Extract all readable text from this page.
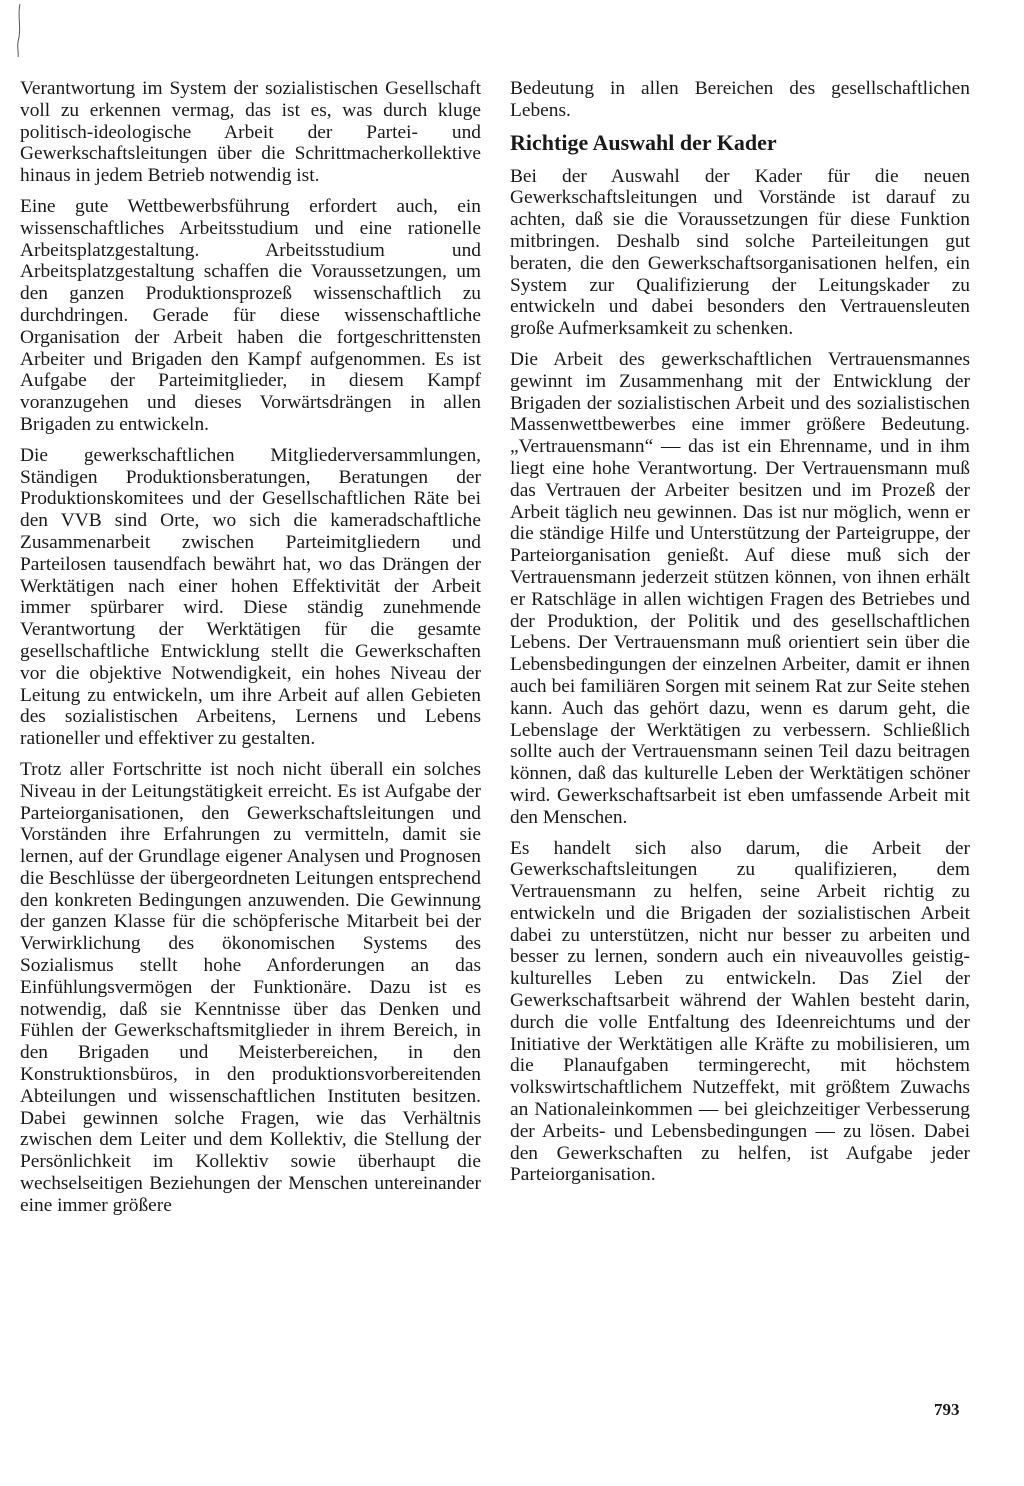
Verantwortung im System der sozialistischen Gesellschaft voll zu erkennen vermag, das ist es, was durch kluge politisch-ideologische Arbeit der Partei- und Gewerkschaftsleitungen über die Schrittmacherkollektive hinaus in jedem Betrieb notwendig ist.

Eine gute Wettbewerbsführung erfordert auch, ein wissenschaftliches Arbeitsstudium und eine rationelle Arbeitsplatzgestaltung. Arbeitsstudium und Arbeitsplatzgestaltung schaffen die Voraussetzungen, um den ganzen Produktionsprozeß wissenschaftlich zu durchdringen. Gerade für diese wissenschaftliche Organisation der Arbeit haben die fortgeschrittensten Arbeiter und Brigaden den Kampf aufgenommen. Es ist Aufgabe der Parteimitglieder, in diesem Kampf voranzugehen und dieses Vorwärtsdrängen in allen Brigaden zu entwickeln.

Die gewerkschaftlichen Mitgliederversammlungen, Ständigen Produktionsberatungen, Beratungen der Produktionskomitees und der Gesellschaftlichen Räte bei den VVB sind Orte, wo sich die kameradschaftliche Zusammenarbeit zwischen Parteimitgliedern und Parteilosen tausendfach bewährt hat, wo das Drängen der Werktätigen nach einer hohen Effektivität der Arbeit immer spürbarer wird. Diese ständig zunehmende Verantwortung der Werktätigen für die gesamte gesellschaftliche Entwicklung stellt die Gewerkschaften vor die objektive Notwendigkeit, ein hohes Niveau der Leitung zu entwickeln, um ihre Arbeit auf allen Gebieten des sozialistischen Arbeitens, Lernens und Lebens rationeller und effektiver zu gestalten.

Trotz aller Fortschritte ist noch nicht überall ein solches Niveau in der Leitungstätigkeit erreicht. Es ist Aufgabe der Parteiorganisationen, den Gewerkschaftsleitungen und Vorständen ihre Erfahrungen zu vermitteln, damit sie lernen, auf der Grundlage eigener Analysen und Prognosen die Beschlüsse der übergeordneten Leitungen entsprechend den konkreten Bedingungen anzuwenden. Die Gewinnung der ganzen Klasse für die schöpferische Mitarbeit bei der Verwirklichung des ökonomischen Systems des Sozialismus stellt hohe Anforderungen an das Einfühlungsvermögen der Funktionäre. Dazu ist es notwendig, daß sie Kenntnisse über das Denken und Fühlen der Gewerkschaftsmitglieder in ihrem Bereich, in den Brigaden und Meisterbereichen, in den Konstruktionsbüros, in den produktionsvorbereitenden Abteilungen und wissenschaftlichen Instituten besitzen. Dabei gewinnen solche Fragen, wie das Verhältnis zwischen dem Leiter und dem Kollektiv, die Stellung der Persönlichkeit im Kollektiv sowie überhaupt die wechselseitigen Beziehungen der Menschen untereinander eine immer größere

Bedeutung in allen Bereichen des gesellschaftlichen Lebens.

Richtige Auswahl der Kader

Bei der Auswahl der Kader für die neuen Gewerkschaftsleitungen und Vorstände ist darauf zu achten, daß sie die Voraussetzungen für diese Funktion mitbringen. Deshalb sind solche Parteileitungen gut beraten, die den Gewerkschaftsorganisationen helfen, ein System zur Qualifizierung der Leitungskader zu entwickeln und dabei besonders den Vertrauensleuten große Aufmerksamkeit zu schenken.

Die Arbeit des gewerkschaftlichen Vertrauensmannes gewinnt im Zusammenhang mit der Entwicklung der Brigaden der sozialistischen Arbeit und des sozialistischen Massenwettbewerbes eine immer größere Bedeutung. „Vertrauensmann“ — das ist ein Ehrenname, und in ihm liegt eine hohe Verantwortung. Der Vertrauensmann muß das Vertrauen der Arbeiter besitzen und im Prozeß der Arbeit täglich neu gewinnen. Das ist nur möglich, wenn er die ständige Hilfe und Unterstützung der Parteigruppe, der Parteiorganisation genießt. Auf diese muß sich der Vertrauensmann jederzeit stützen können, von ihnen erhält er Ratschläge in allen wichtigen Fragen des Betriebes und der Produktion, der Politik und des gesellschaftlichen Lebens. Der Vertrauensmann muß orientiert sein über die Lebensbedingungen der einzelnen Arbeiter, damit er ihnen auch bei familiären Sorgen mit seinem Rat zur Seite stehen kann. Auch das gehört dazu, wenn es darum geht, die Lebenslage der Werktätigen zu verbessern. Schließlich sollte auch der Vertrauensmann seinen Teil dazu beitragen können, daß das kulturelle Leben der Werktätigen schöner wird. Gewerkschaftsarbeit ist eben umfassende Arbeit mit den Menschen.

Es handelt sich also darum, die Arbeit der Gewerkschaftsleitungen zu qualifizieren, dem Vertrauensmann zu helfen, seine Arbeit richtig zu entwickeln und die Brigaden der sozialistischen Arbeit dabei zu unterstützen, nicht nur besser zu arbeiten und besser zu lernen, sondern auch ein niveauvolles geistig-kulturelles Leben zu entwickeln. Das Ziel der Gewerkschaftsarbeit während der Wahlen besteht darin, durch die volle Entfaltung des Ideenreichtums und der Initiative der Werktätigen alle Kräfte zu mobilisieren, um die Planaufgaben termingerecht, mit höchstem volkswirtschaftlichem Nutzeffekt, mit größtem Zuwachs an Nationaleinkommen — bei gleichzeitiger Verbesserung der Arbeits- und Lebensbedingungen — zu lösen. Dabei den Gewerkschaften zu helfen, ist Aufgabe jeder Parteiorganisation.

793
